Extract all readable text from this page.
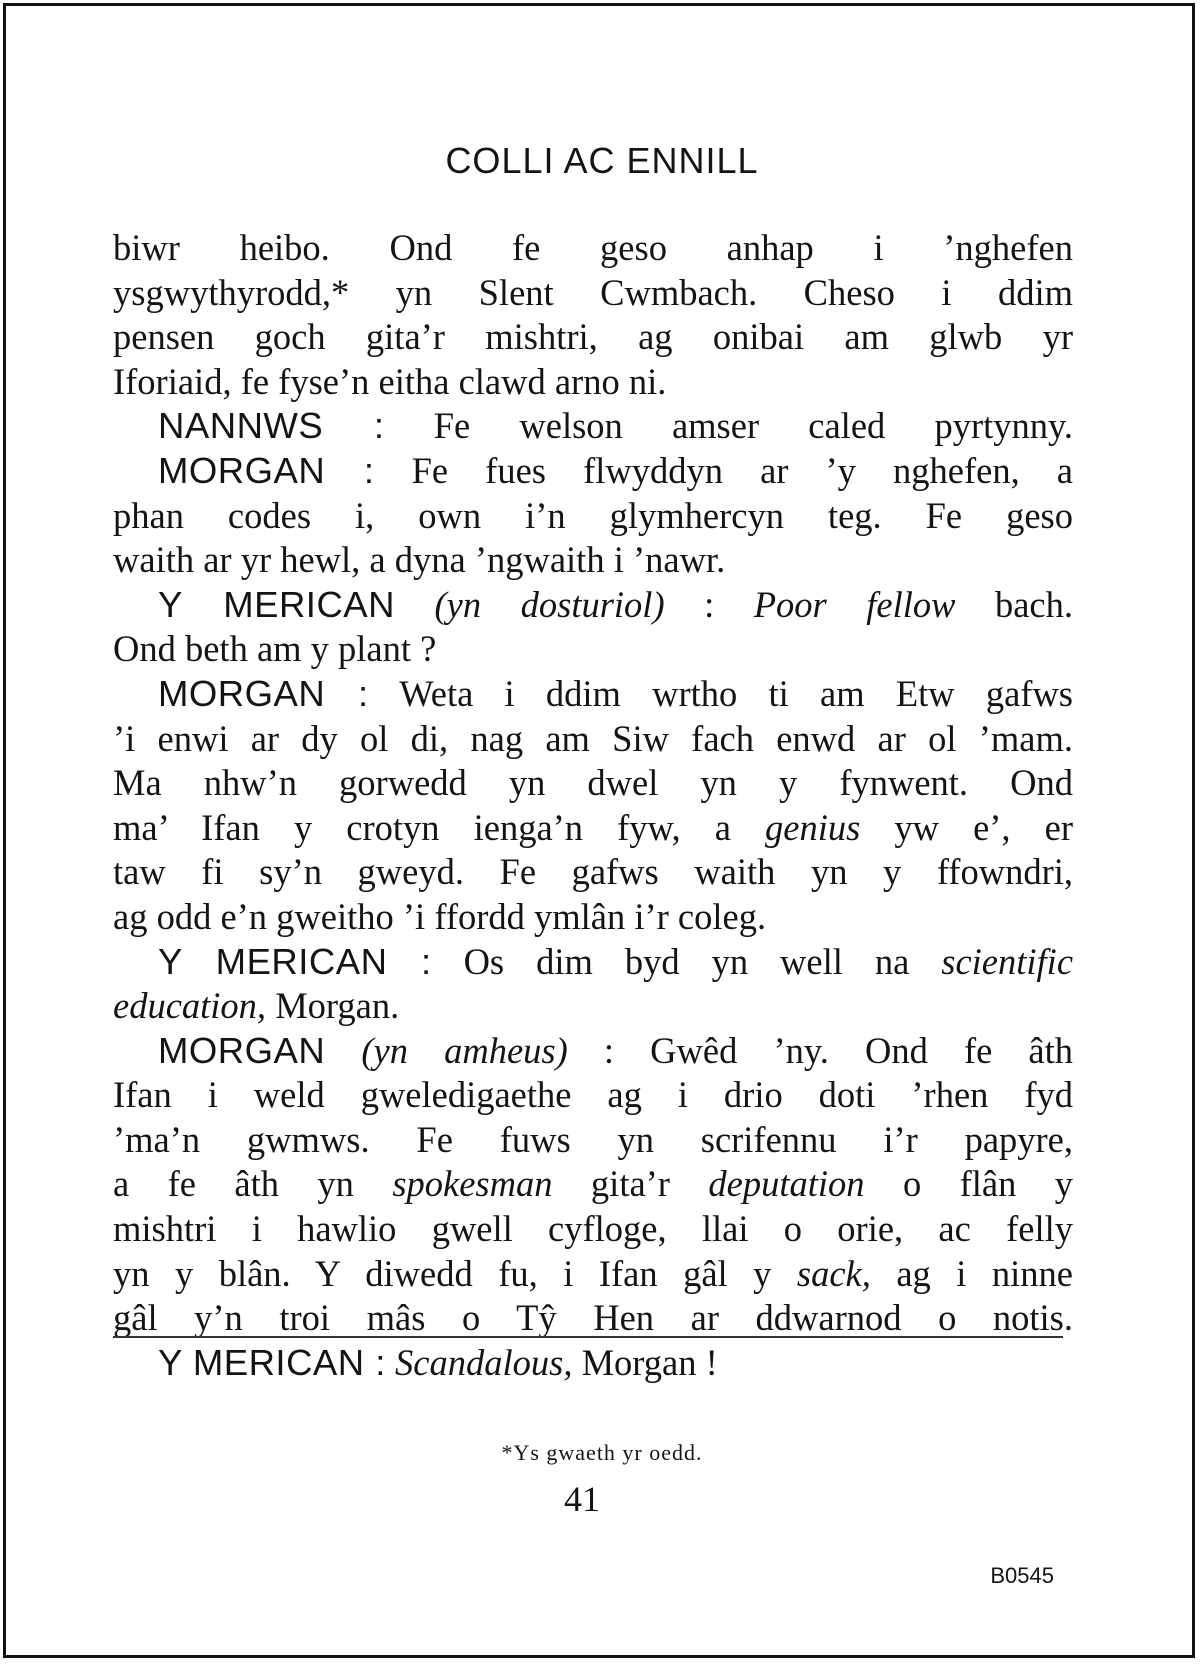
COLLI AC ENNILL
biwr heibo. Ond fe geso anhap i ’nghefen
ysgwythyrodd,* yn Slent Cwmbach. Cheso i ddim
pensen goch gita’r mishtri, ag onibai am glwb yr
Iforiaid, fe fyse’n eitha clawd arno ni.
NANNWS : Fe welson amser caled pyrtynny.
MORGAN : Fe fues flwyddyn ar ’y nghefen, a
phan codes i, own i’n glymhercyn teg. Fe geso
waith ar yr hewl, a dyna ’ngwaith i ’nawr.
Y MERICAN (yn dosturiol) : Poor fellow bach.
Ond beth am y plant ?
MORGAN : Weta i ddim wrtho ti am Etw gafws
’i enwi ar dy ol di, nag am Siw fach enwd ar ol ’mam.
Ma nhw’n gorwedd yn dwel yn y fynwent. Ond
ma’ Ifan y crotyn ienga’n fyw, a genius yw e’, er
taw fi sy’n gweyd. Fe gafws waith yn y ffowndri,
ag odd e’n gweitho ’i ffordd ymlân i’r coleg.
Y MERICAN : Os dim byd yn well na scientific
education, Morgan.
MORGAN (yn amheus) : Gwêd ’ny. Ond fe âth
Ifan i weld gweledigaethe ag i drio doti ’rhen fyd
’ma’n gwmws. Fe fuws yn scrifennu i’r papyre,
a fe âth yn spokesman gita’r deputation o flân y
mishtri i hawlio gwell cyfloge, llai o orie, ac felly
yn y blân. Y diwedd fu, i Ifan gâl y sack, ag i ninne
gâl y’n troi mâs o Tŷ Hen ar ddwarnod o notis.
Y MERICAN : Scandalous, Morgan !
*Ys gwaeth yr oedd.
41
B0545
